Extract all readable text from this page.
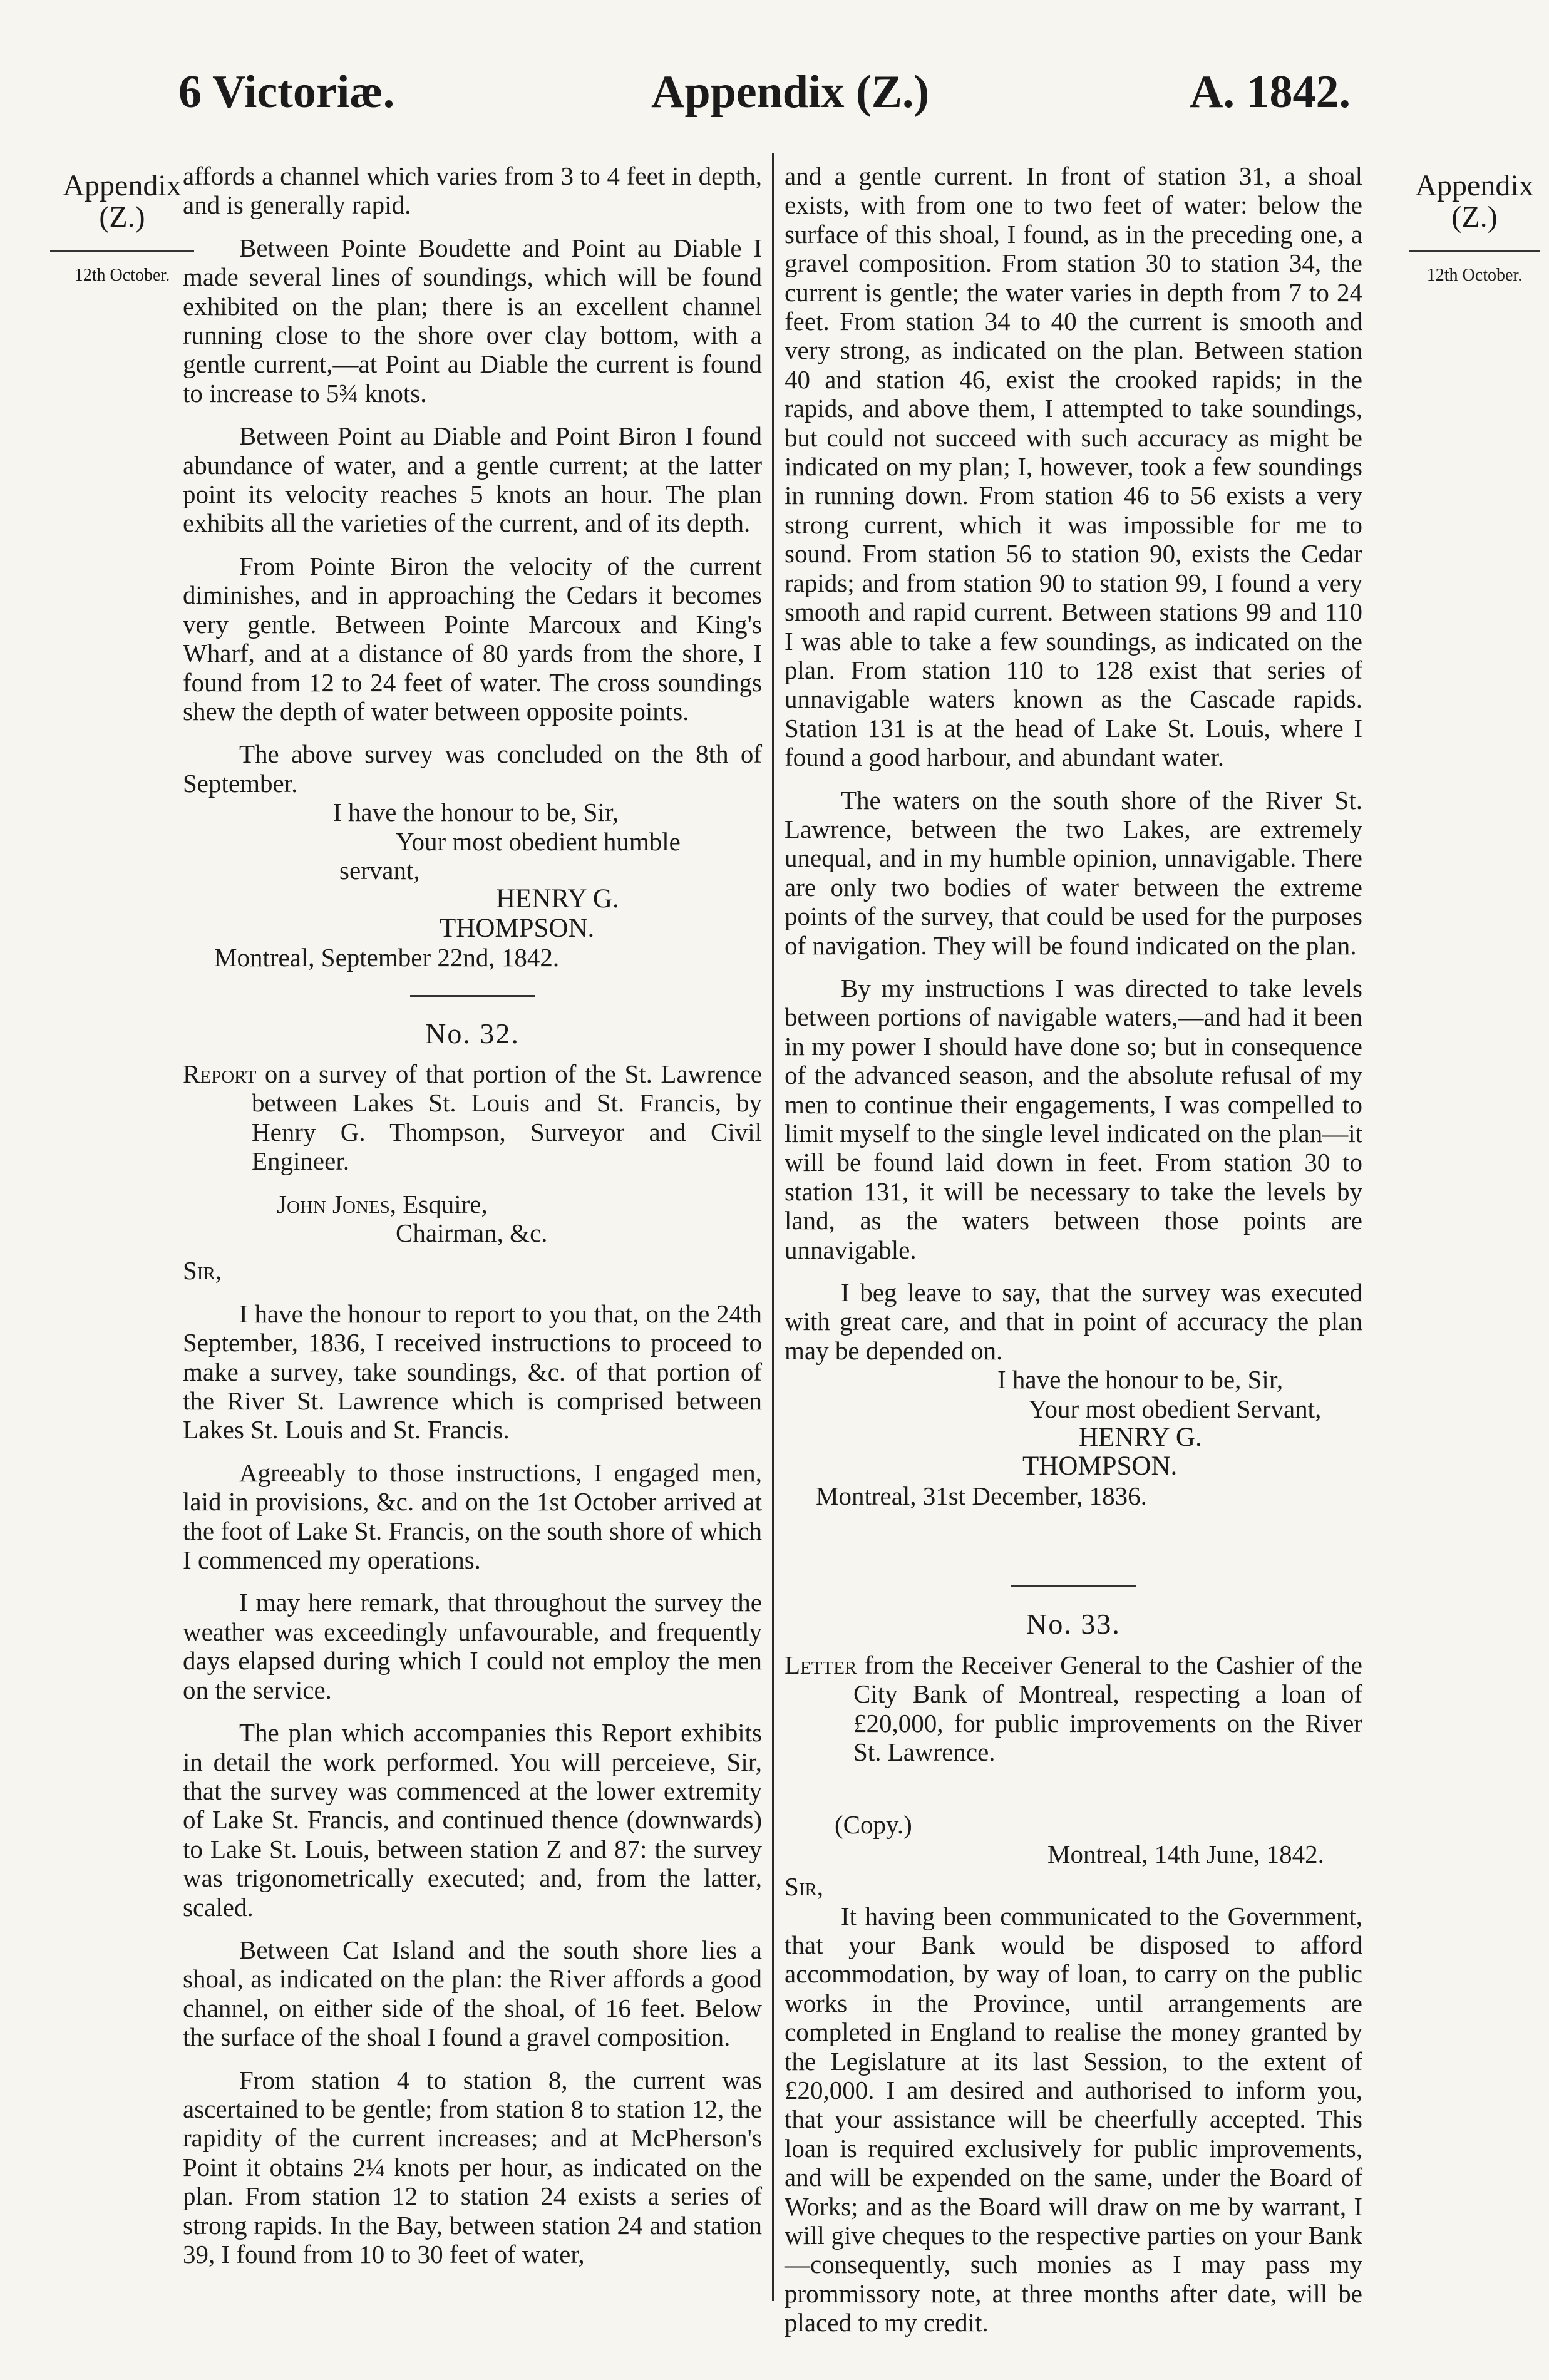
6 Victoriæ.	Appendix (Z.)	A. 1842.
Appendix
(Z.)
12th October.
Appendix
(Z.)
12th October.

affords a channel which varies from 3 to 4 feet in depth, and is generally rapid.

Between Pointe Boudette and Point au Diable I made several lines of soundings, which will be found exhibited on the plan; there is an excellent channel running close to the shore over clay bottom, with a gentle current,—at Point au Diable the current is found to increase to 5¾ knots.

Between Point au Diable and Point Biron I found abundance of water, and a gentle current; at the latter point its velocity reaches 5 knots an hour. The plan exhibits all the varieties of the current, and of its depth.

From Pointe Biron the velocity of the current diminishes, and in approaching the Cedars it becomes very gentle. Between Pointe Marcoux and King's Wharf, and at a distance of 80 yards from the shore, I found from 12 to 24 feet of water. The cross soundings shew the depth of water between opposite points.

The above survey was concluded on the 8th of September.

I have the honour to be, Sir,

Your most obedient humble servant,

HENRY G. THOMPSON.

Montreal, September 22nd, 1842.

No. 32.

Report on a survey of that portion of the St. Lawrence between Lakes St. Louis and St. Francis, by Henry G. Thompson, Surveyor and Civil Engineer.

John Jones, Esquire,

Chairman, &c.

Sir,

I have the honour to report to you that, on the 24th September, 1836, I received instructions to proceed to make a survey, take soundings, &c. of that portion of the River St. Lawrence which is comprised between Lakes St. Louis and St. Francis.

Agreeably to those instructions, I engaged men, laid in provisions, &c. and on the 1st October arrived at the foot of Lake St. Francis, on the south shore of which I commenced my operations.

I may here remark, that throughout the survey the weather was exceedingly unfavourable, and frequently days elapsed during which I could not employ the men on the service.

The plan which accompanies this Report exhibits in detail the work performed. You will perceieve, Sir, that the survey was commenced at the lower extremity of Lake St. Francis, and continued thence (downwards) to Lake St. Louis, between station Z and 87: the survey was trigonometrically executed; and, from the latter, scaled.

Between Cat Island and the south shore lies a shoal, as indicated on the plan: the River affords a good channel, on either side of the shoal, of 16 feet. Below the surface of the shoal I found a gravel composition.

From station 4 to station 8, the current was ascertained to be gentle; from station 8 to station 12, the rapidity of the current increases; and at McPherson's Point it obtains 2¼ knots per hour, as indicated on the plan. From station 12 to station 24 exists a series of strong rapids. In the Bay, between station 24 and station 39, I found from 10 to 30 feet of water,

and a gentle current. In front of station 31, a shoal exists, with from one to two feet of water: below the surface of this shoal, I found, as in the preceding one, a gravel composition. From station 30 to station 34, the current is gentle; the water varies in depth from 7 to 24 feet. From station 34 to 40 the current is smooth and very strong, as indicated on the plan. Between station 40 and station 46, exist the crooked rapids; in the rapids, and above them, I attempted to take soundings, but could not succeed with such accuracy as might be indicated on my plan; I, however, took a few soundings in running down. From station 46 to 56 exists a very strong current, which it was impossible for me to sound. From station 56 to station 90, exists the Cedar rapids; and from station 90 to station 99, I found a very smooth and rapid current. Between stations 99 and 110 I was able to take a few soundings, as indicated on the plan. From station 110 to 128 exist that series of unnavigable waters known as the Cascade rapids. Station 131 is at the head of Lake St. Louis, where I found a good harbour, and abundant water.

The waters on the south shore of the River St. Lawrence, between the two Lakes, are extremely unequal, and in my humble opinion, unnavigable. There are only two bodies of water between the extreme points of the survey, that could be used for the purposes of navigation. They will be found indicated on the plan.

By my instructions I was directed to take levels between portions of navigable waters,—and had it been in my power I should have done so; but in consequence of the advanced season, and the absolute refusal of my men to continue their engagements, I was compelled to limit myself to the single level indicated on the plan—it will be found laid down in feet. From station 30 to station 131, it will be necessary to take the levels by land, as the waters between those points are unnavigable.

I beg leave to say, that the survey was executed with great care, and that in point of accuracy the plan may be depended on.

I have the honour to be, Sir,

Your most obedient Servant,

HENRY G. THOMPSON.

Montreal, 31st December, 1836.

No. 33.

Letter from the Receiver General to the Cashier of the City Bank of Montreal, respecting a loan of £20,000, for public improvements on the River St. Lawrence.

(Copy.)

Montreal, 14th June, 1842.

Sir,

It having been communicated to the Government, that your Bank would be disposed to afford accommodation, by way of loan, to carry on the public works in the Province, until arrangements are completed in England to realise the money granted by the Legislature at its last Session, to the extent of £20,000. I am desired and authorised to inform you, that your assistance will be cheerfully accepted. This loan is required exclusively for public improvements, and will be expended on the same, under the Board of Works; and as the Board will draw on me by warrant, I will give cheques to the respective parties on your Bank—consequently, such monies as I may pass my prommissory note, at three months after date, will be placed to my credit.
